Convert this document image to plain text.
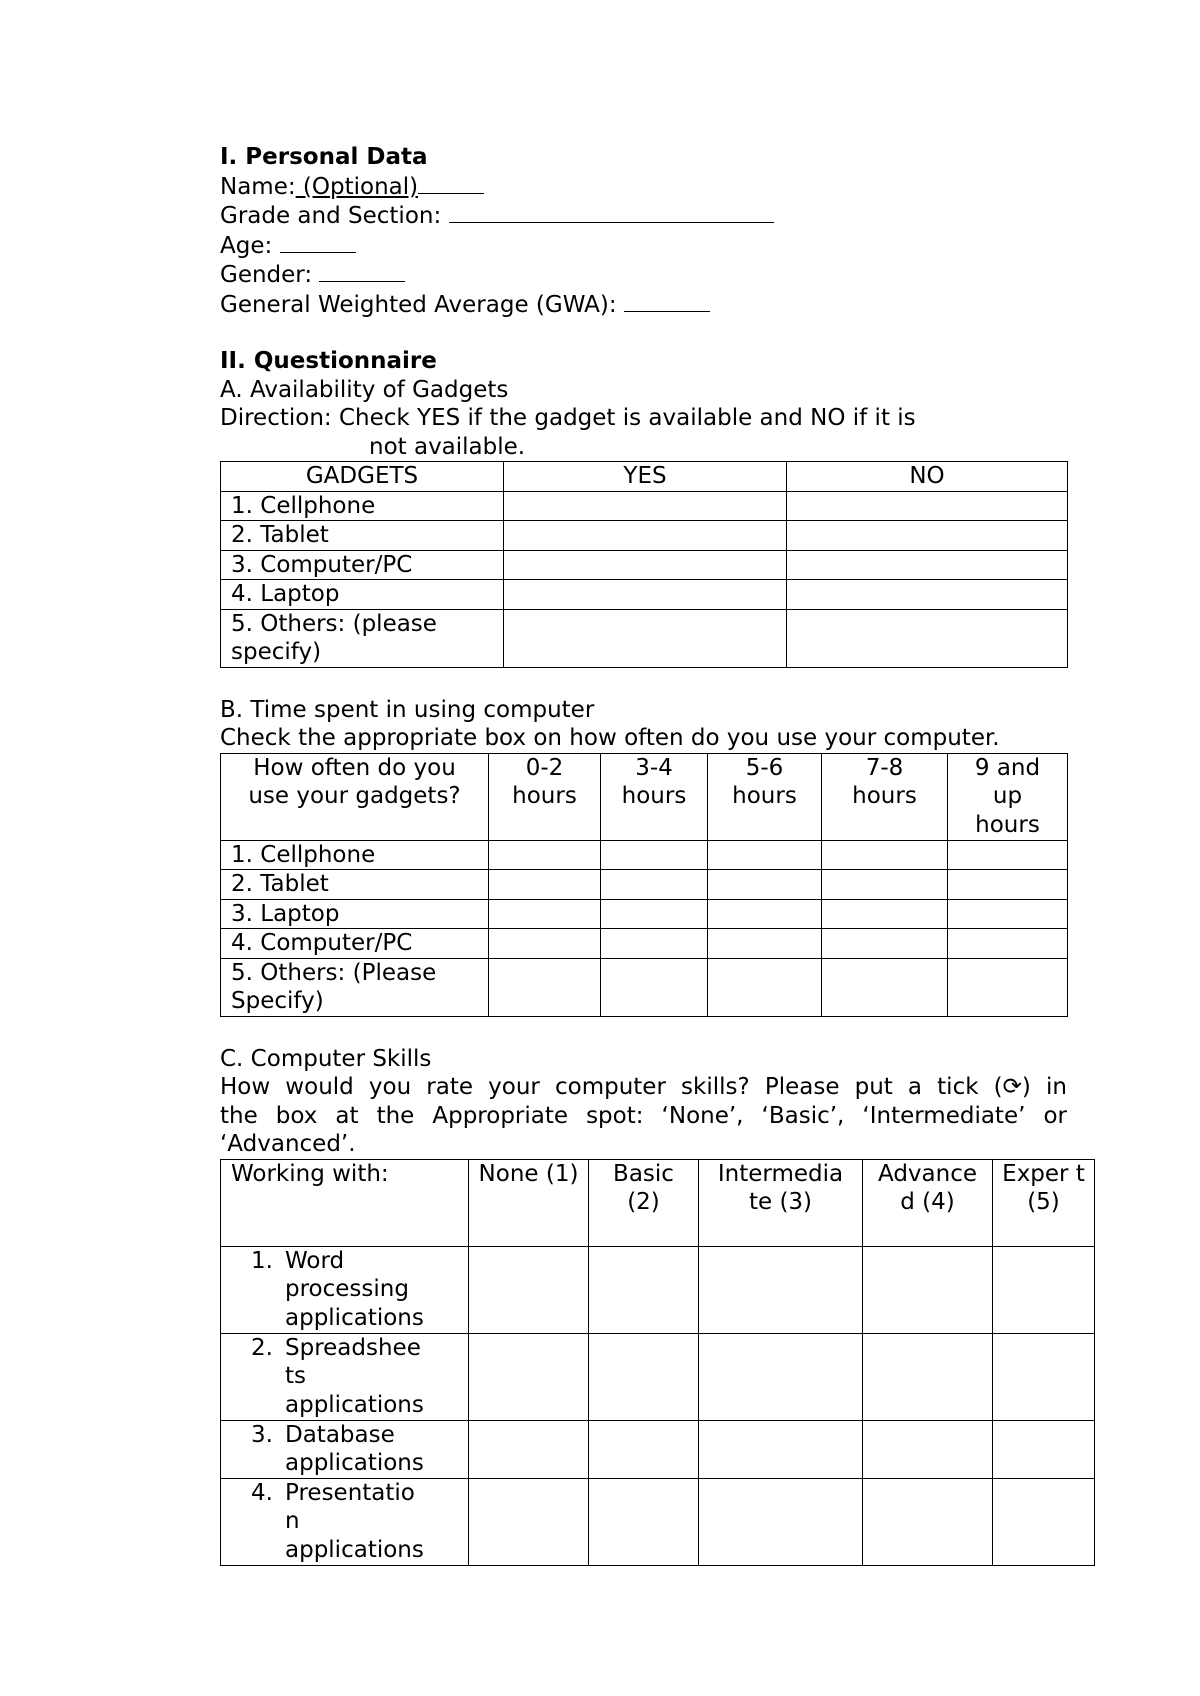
I. Personal Data
Name: (Optional)
Grade and Section:
Age:
Gender:
General Weighted Average (GWA):
II. Questionnaire
A. Availability of Gadgets
Direction: Check YES if the gadget is available and NO if it is
not available.
GADGETS	YES	NO
1. Cellphone		
2. Tablet		
3. Computer/PC		
4. Laptop		
5. Others: (please specify)		
B. Time spent in using computer
Check the appropriate box on how often do you use your computer.
How often do you use your gadgets?	0-2 hours	3-4 hours	5-6 hours	7-8 hours	9 and up hours
1. Cellphone					
2. Tablet					
3. Laptop					
4. Computer/PC					
5. Others: (Please Specify)					
C. Computer Skills
How would you rate your computer skills? Please put a tick (⟳) in the box at the Appropriate spot: ‘None’, ‘Basic’, ‘Intermediate’ or ‘Advanced’.
Working with:	None (1)	Basic (2)	Intermedia te (3)	Advance d (4)	Exper t (5)

1. Word processing applications					

2. Spreadshee ts applications					

3. Database applications					

4. Presentatio n applications					
